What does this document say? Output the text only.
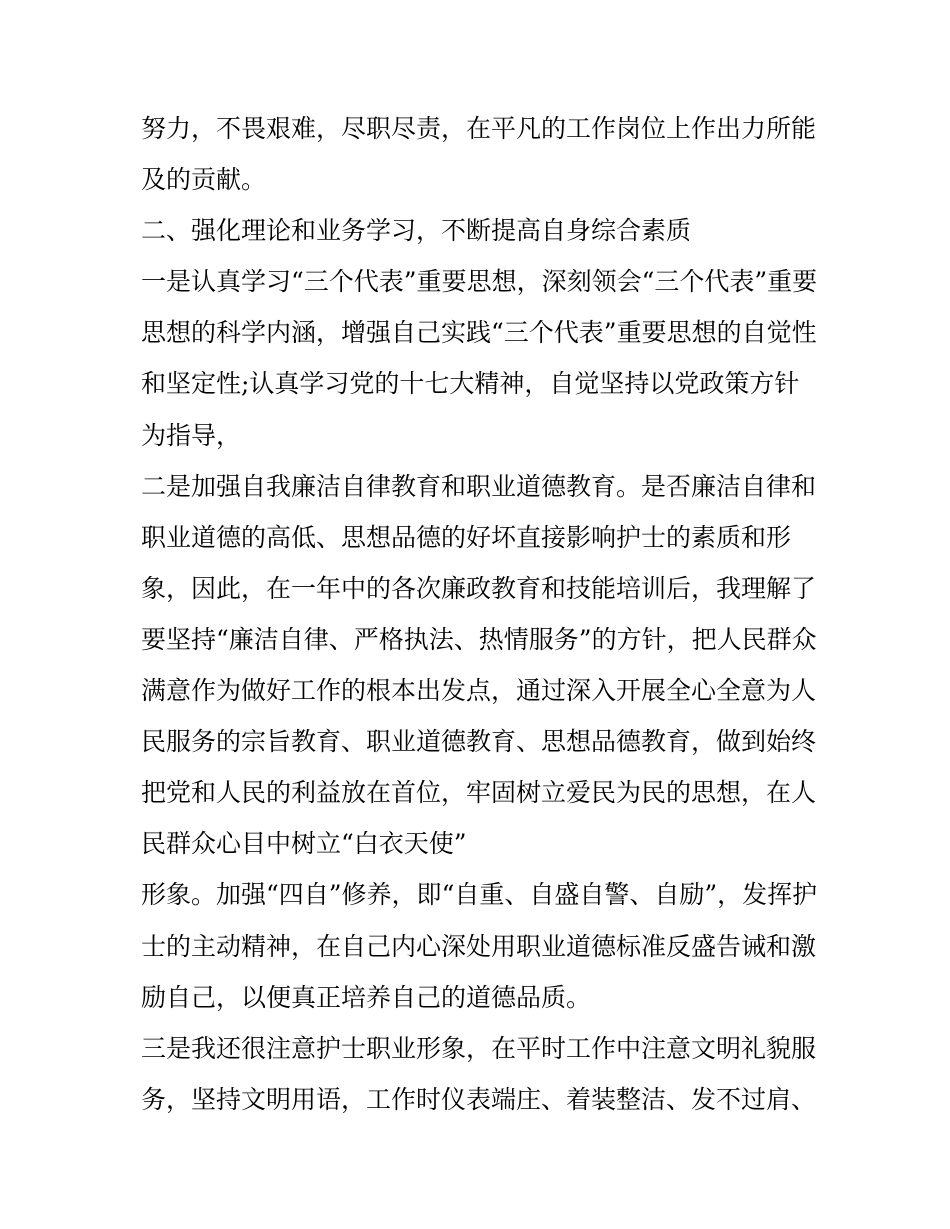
努力，不畏艰难，尽职尽责，在平凡的工作岗位上作出力所能
及的贡献。
二、强化理论和业务学习，不断提高自身综合素质
一是认真学习“三个代表”重要思想，深刻领会“三个代表”重要
思想的科学内涵，增强自己实践“三个代表”重要思想的自觉性
和坚定性;认真学习党的十七大精神，自觉坚持以党政策方针
为指导，
二是加强自我廉洁自律教育和职业道德教育。是否廉洁自律和
职业道德的高低、思想品德的好坏直接影响护士的素质和形
象，因此，在一年中的各次廉政教育和技能培训后，我理解了
要坚持“廉洁自律、严格执法、热情服务”的方针，把人民群众
满意作为做好工作的根本出发点，通过深入开展全心全意为人
民服务的宗旨教育、职业道德教育、思想品德教育，做到始终
把党和人民的利益放在首位，牢固树立爱民为民的思想，在人
民群众心目中树立“白衣天使”
形象。加强“四自”修养，即“自重、自盛自警、自励”，发挥护
士的主动精神，在自己内心深处用职业道德标准反盛告诫和激
励自己，以便真正培养自己的道德品质。
三是我还很注意护士职业形象，在平时工作中注意文明礼貌服
务，坚持文明用语，工作时仪表端庄、着装整洁、发不过肩、
